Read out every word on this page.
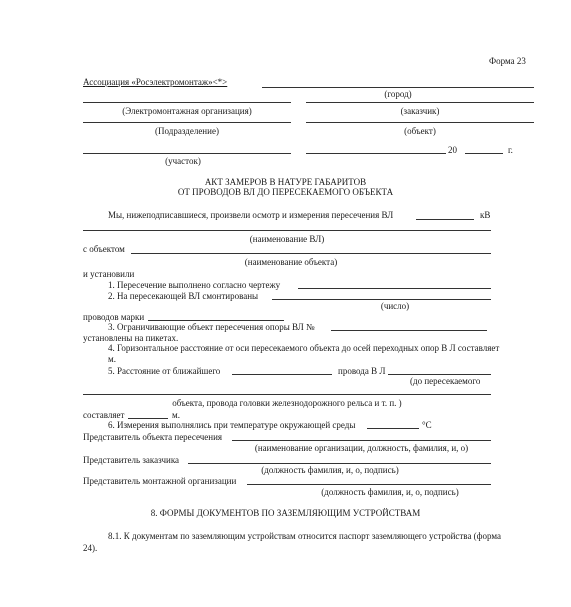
Форма 23
Ассоциация «Росэлектромонтаж»<*>
(город)
(Электромонтажная организация)	(заказчик)
(Подразделение)	(объект)
20	г.
(участок)
АКТ ЗАМЕРОВ В НАТУРЕ ГАБАРИТОВ
ОТ ПРОВОДОВ ВЛ ДО ПЕРЕСЕКАЕМОГО ОБЪЕКТА
Мы, нижеподписавшиеся, произвели осмотр и измерения пересечения ВЛ	кВ
(наименование ВЛ)
с объектом
(наименование объекта)
и установили
1. Пересечение выполнено согласно чертежу
2. На пересекающей ВЛ смонтированы
(число)
проводов марки
3. Ограничивающие объект пересечения опоры ВЛ №
установлены на пикетах.
4. Горизонтальное расстояние от оси пересекаемого объекта до осей переходных опор В Л составляет
м.
5. Расстояние от ближайшего	провода В Л
(до пересекаемого
объекта, провода головки железнодорожного рельса и т. п. )
составляет	м.
6. Измерения выполнялись при температуре окружающей среды	°С
Представитель объекта пересечения
(наименование организации, должность, фамилия, и, о)
Представитель заказчика
(должность фамилия, и, о, подпись)
Представитель монтажной организации
(должность фамилия, и, о, подпись)
8. ФОРМЫ ДОКУМЕНТОВ ПО ЗАЗЕМЛЯЮЩИМ УСТРОЙСТВАМ
8.1. К документам по заземляющим устройствам относится паспорт заземляющего устройства (форма
24).
